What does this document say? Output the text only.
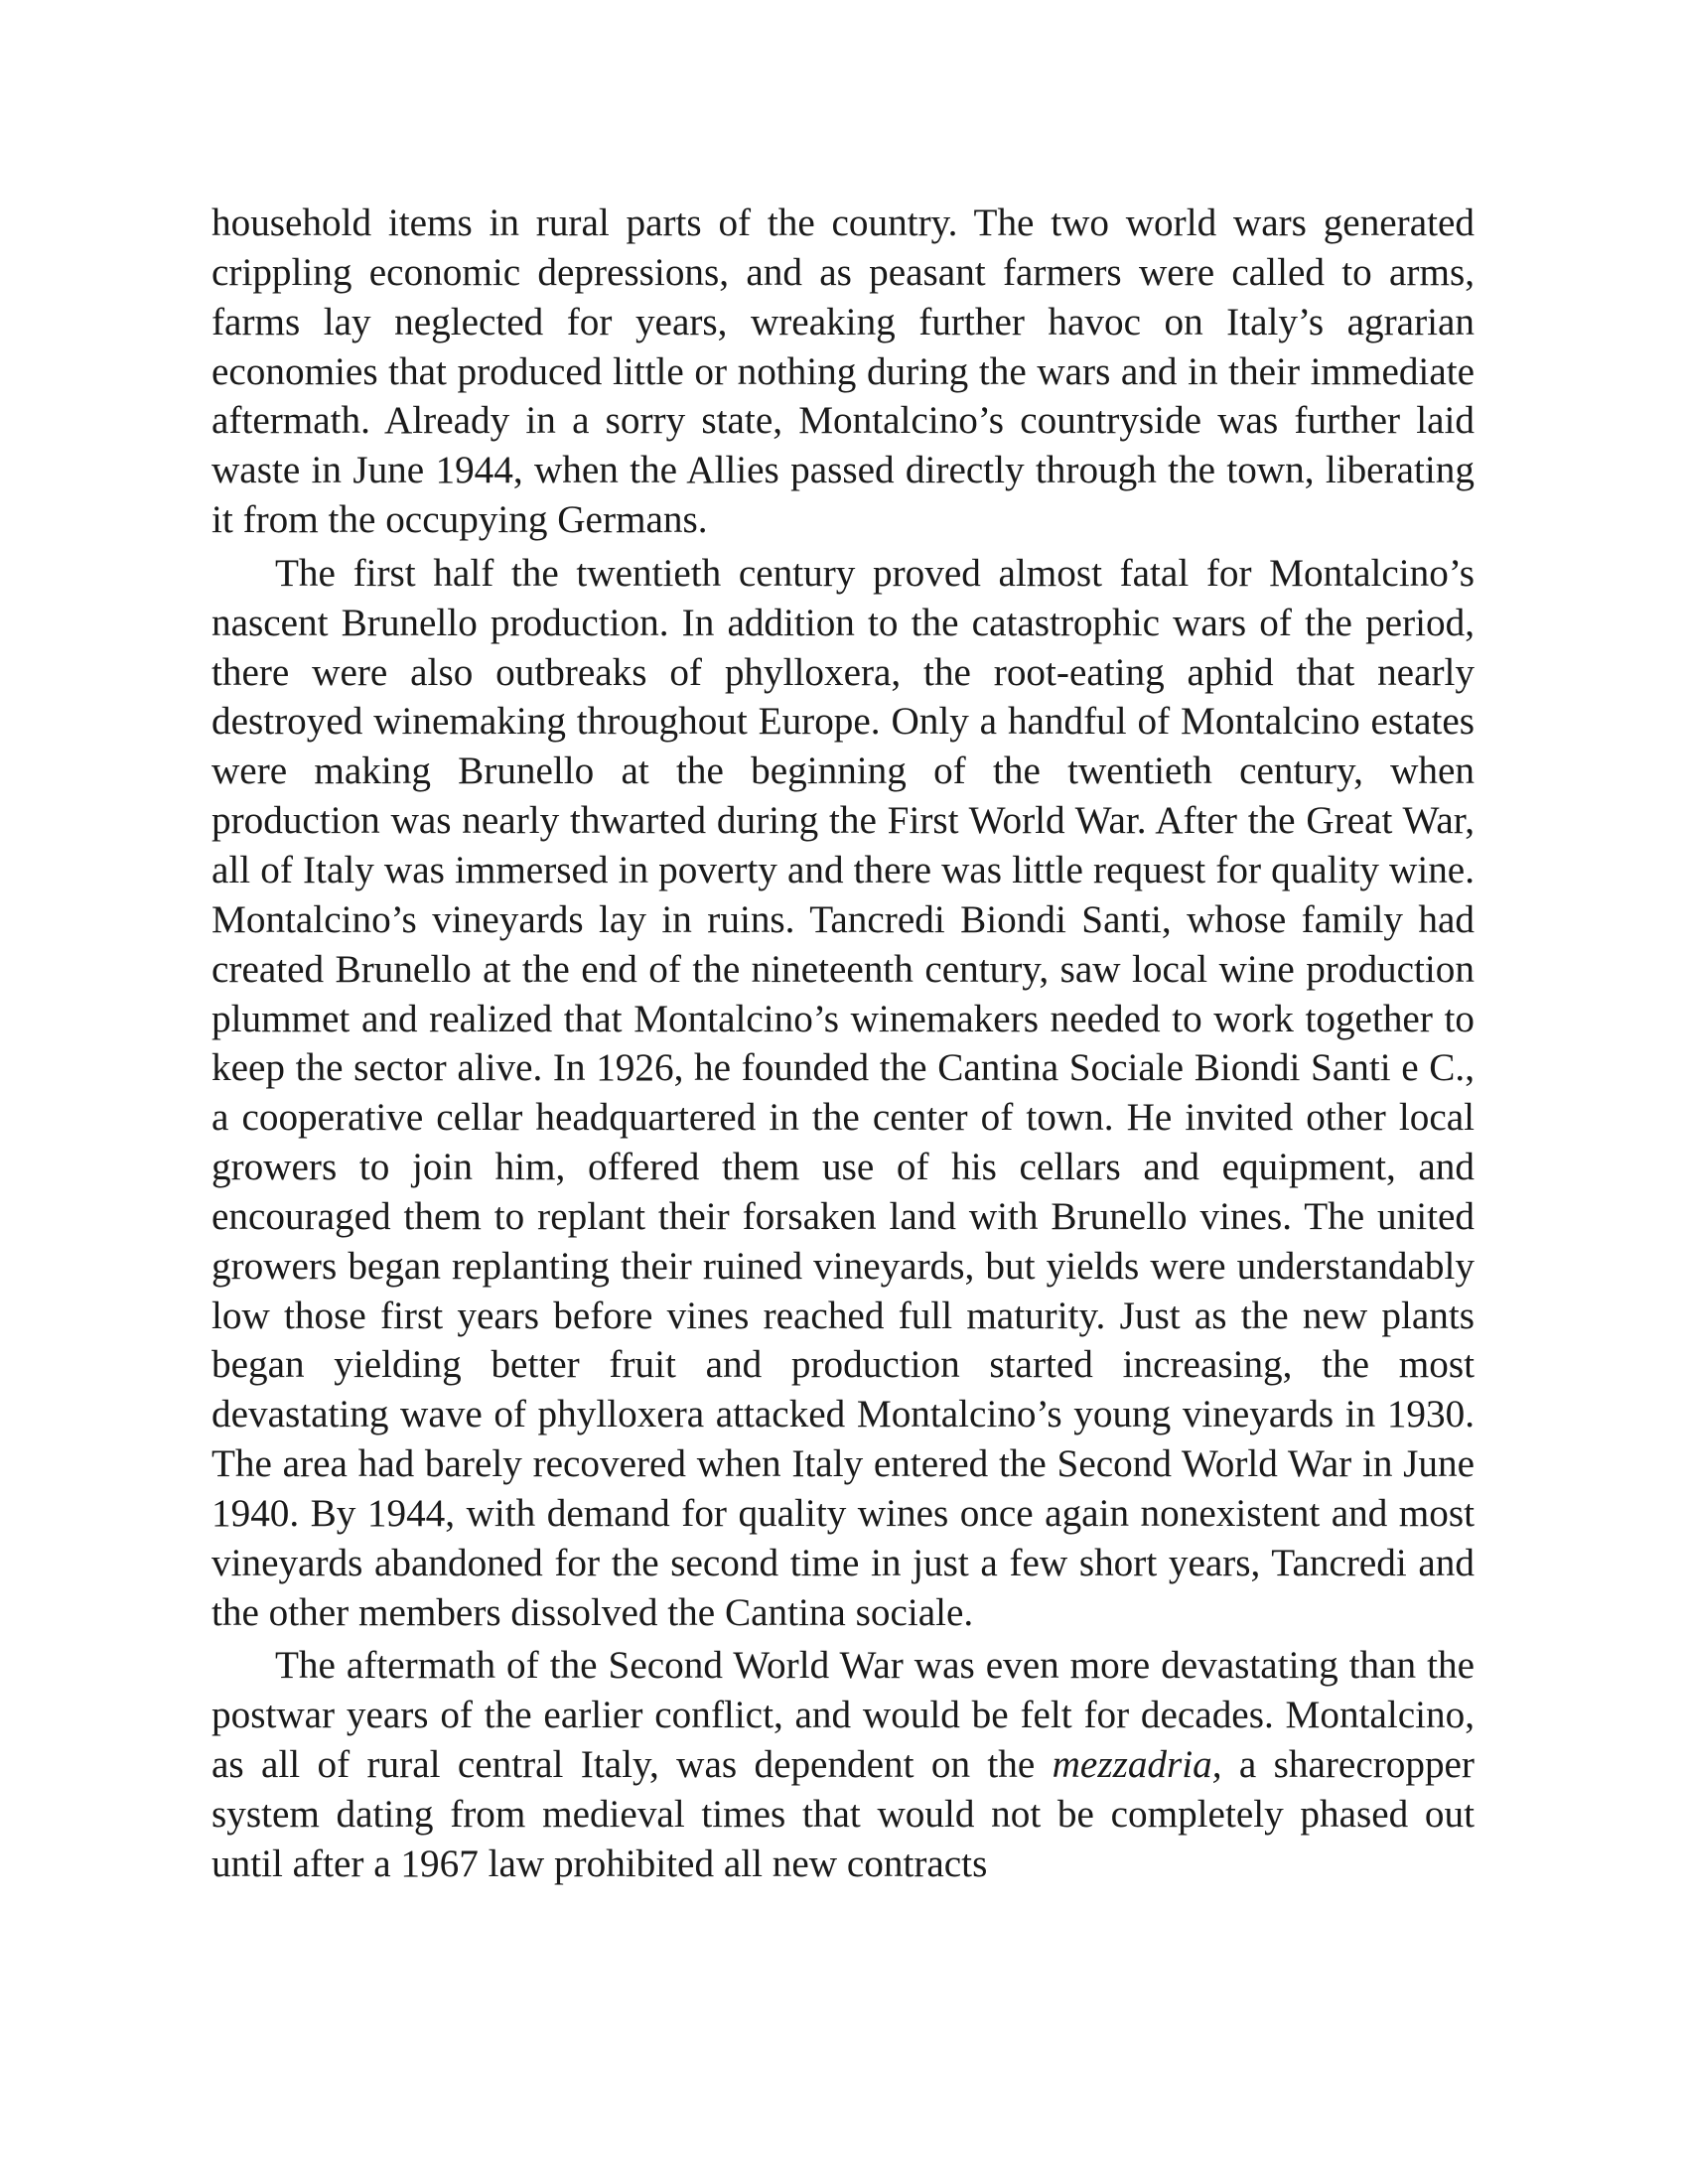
household items in rural parts of the country. The two world wars generated crippling economic depressions, and as peasant farmers were called to arms, farms lay neglected for years, wreaking further havoc on Italy’s agrarian economies that produced little or nothing during the wars and in their immediate aftermath. Already in a sorry state, Montalcino’s countryside was further laid waste in June 1944, when the Allies passed directly through the town, liberating it from the occupying Germans.

The first half the twentieth century proved almost fatal for Montalcino’s nascent Brunello production. In addition to the catastrophic wars of the period, there were also outbreaks of phylloxera, the root-eating aphid that nearly destroyed winemaking throughout Europe. Only a handful of Montalcino estates were making Brunello at the beginning of the twentieth century, when production was nearly thwarted during the First World War. After the Great War, all of Italy was immersed in poverty and there was little request for quality wine. Montalcino’s vineyards lay in ruins. Tancredi Biondi Santi, whose family had created Brunello at the end of the nineteenth century, saw local wine production plummet and realized that Montalcino’s winemakers needed to work together to keep the sector alive. In 1926, he founded the Cantina Sociale Biondi Santi e C., a cooperative cellar headquartered in the center of town. He invited other local growers to join him, offered them use of his cellars and equipment, and encouraged them to replant their forsaken land with Brunello vines. The united growers began replanting their ruined vineyards, but yields were understandably low those first years before vines reached full maturity. Just as the new plants began yielding better fruit and production started increasing, the most devastating wave of phylloxera attacked Montalcino’s young vineyards in 1930. The area had barely recovered when Italy entered the Second World War in June 1940. By 1944, with demand for quality wines once again nonexistent and most vineyards abandoned for the second time in just a few short years, Tancredi and the other members dissolved the Cantina sociale.

The aftermath of the Second World War was even more devastating than the postwar years of the earlier conflict, and would be felt for decades. Montalcino, as all of rural central Italy, was dependent on the mezzadria, a sharecropper system dating from medieval times that would not be completely phased out until after a 1967 law prohibited all new contracts
